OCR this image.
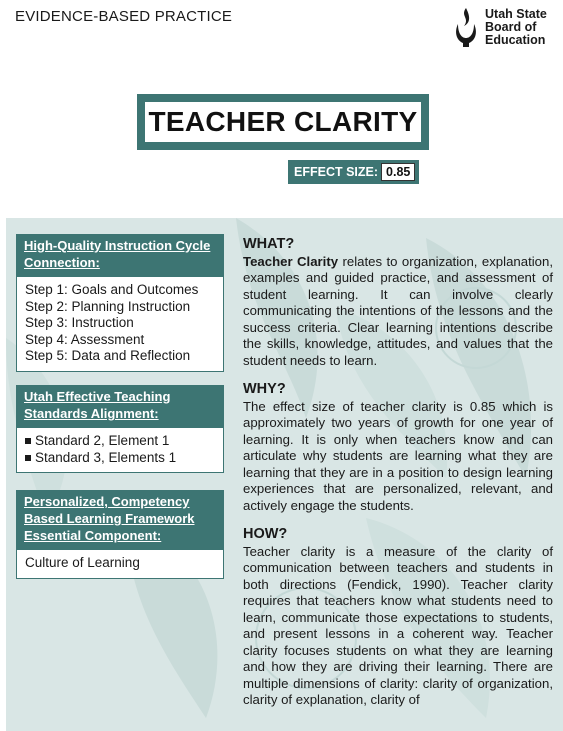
EVIDENCE-BASED PRACTICE	Utah State
Board of
Education
TEACHER CLARITY
EFFECT SIZE: 0.85
High-Quality Instruction Cycle Connection:
Step 1: Goals and Outcomes
Step 2: Planning Instruction
Step 3: Instruction
Step 4: Assessment
Step 5: Data and Reflection
Utah Effective Teaching Standards Alignment:
Standard 2, Element 1
Standard 3, Elements 1
Personalized, Competency Based Learning Framework Essential Component:
Culture of Learning
WHAT?
Teacher Clarity relates to organization, explanation, examples and guided practice, and assessment of student learning. It can involve clearly communicating the intentions of the lessons and the success criteria. Clear learning intentions describe the skills, knowledge, attitudes, and values that the student needs to learn.
WHY?
The effect size of teacher clarity is 0.85 which is approximately two years of growth for one year of learning. It is only when teachers know and can articulate why students are learning what they are learning that they are in a position to design learning experiences that are personalized, relevant, and actively engage the students.
HOW?
Teacher clarity is a measure of the clarity of communication between teachers and students in both directions (Fendick, 1990). Teacher clarity requires that teachers know what students need to learn, communicate those expectations to students, and present lessons in a coherent way. Teacher clarity focuses students on what they are learning and how they are driving their learning. There are multiple dimensions of clarity: clarity of organization, clarity of explanation, clarity of
